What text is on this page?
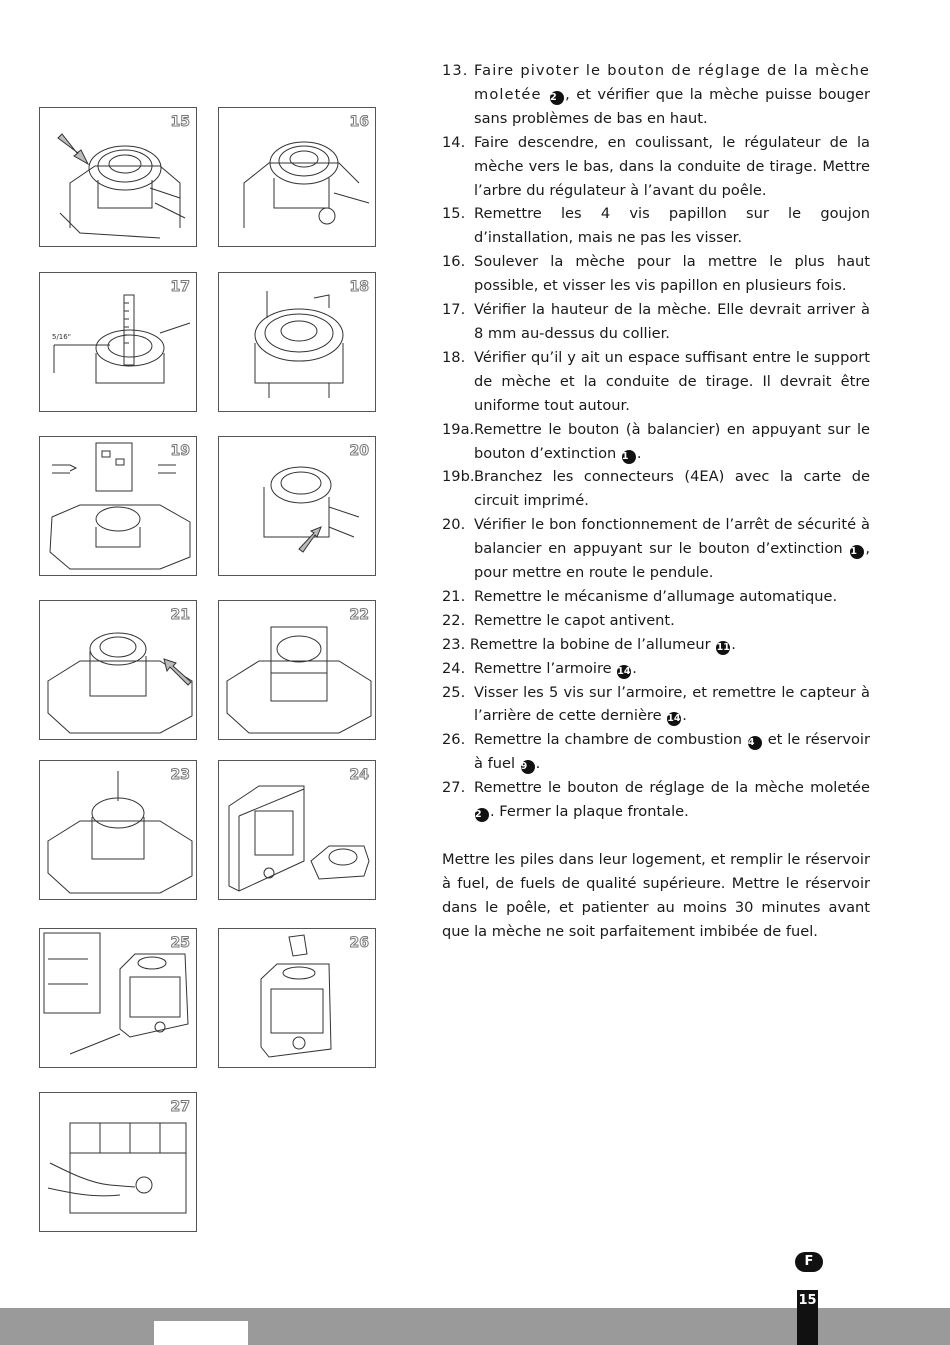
15	16
5/16"
17	18
19	20
21	22
23	24
25	26
27
13. Faire pivoter le bouton de réglage de la mèche moletée 2 , et vérifier que la mèche puisse bouger sans problèmes de bas en haut.
14. Faire descendre, en coulissant, le régulateur de la mèche vers le bas, dans la conduite de tirage. Mettre l’arbre du régulateur à l’avant du poêle.
15. Remettre les 4 vis papillon sur le goujon d’installation, mais ne pas les visser.
16. Soulever la mèche pour la mettre le plus haut possible, et visser les vis papillon en plusieurs fois.
17. Vérifier la hauteur de la mèche. Elle devrait arriver à 8 mm au-dessus du collier.
18. Vérifier qu’il y ait un espace suffisant entre le support de mèche et la conduite de tirage. Il devrait être uniforme tout autour.
19a. Remettre le bouton (à balancier) en appuyant sur le bouton d’extinction 1 .
19b. Branchez les connecteurs (4EA) avec la carte de circuit imprimé.
20. Vérifier le bon fonctionnement de l’arrêt de sécurité à balancier en appuyant sur le bouton d’extinction 1 , pour mettre en route le pendule.
21. Remettre le mécanisme d’allumage automatique.
22. Remettre le capot antivent.
23. Remettre la bobine de l’allumeur 11.
24. Remettre l’armoire 14 .
25. Visser les 5 vis sur l’armoire, et remettre le capteur à l’arrière de cette dernière 14 .
26. Remettre la chambre de combustion 4 et le réservoir à fuel 9 .
27. Remettre le bouton de réglage de la mèche moletée 2 . Fermer la plaque frontale.
Mettre les piles dans leur logement, et remplir le réservoir à fuel, de fuels de qualité supérieure. Mettre le réservoir dans le poêle, et patienter au moins 30 minutes avant que la mèche ne soit parfaitement imbibée de fuel.
F
15
